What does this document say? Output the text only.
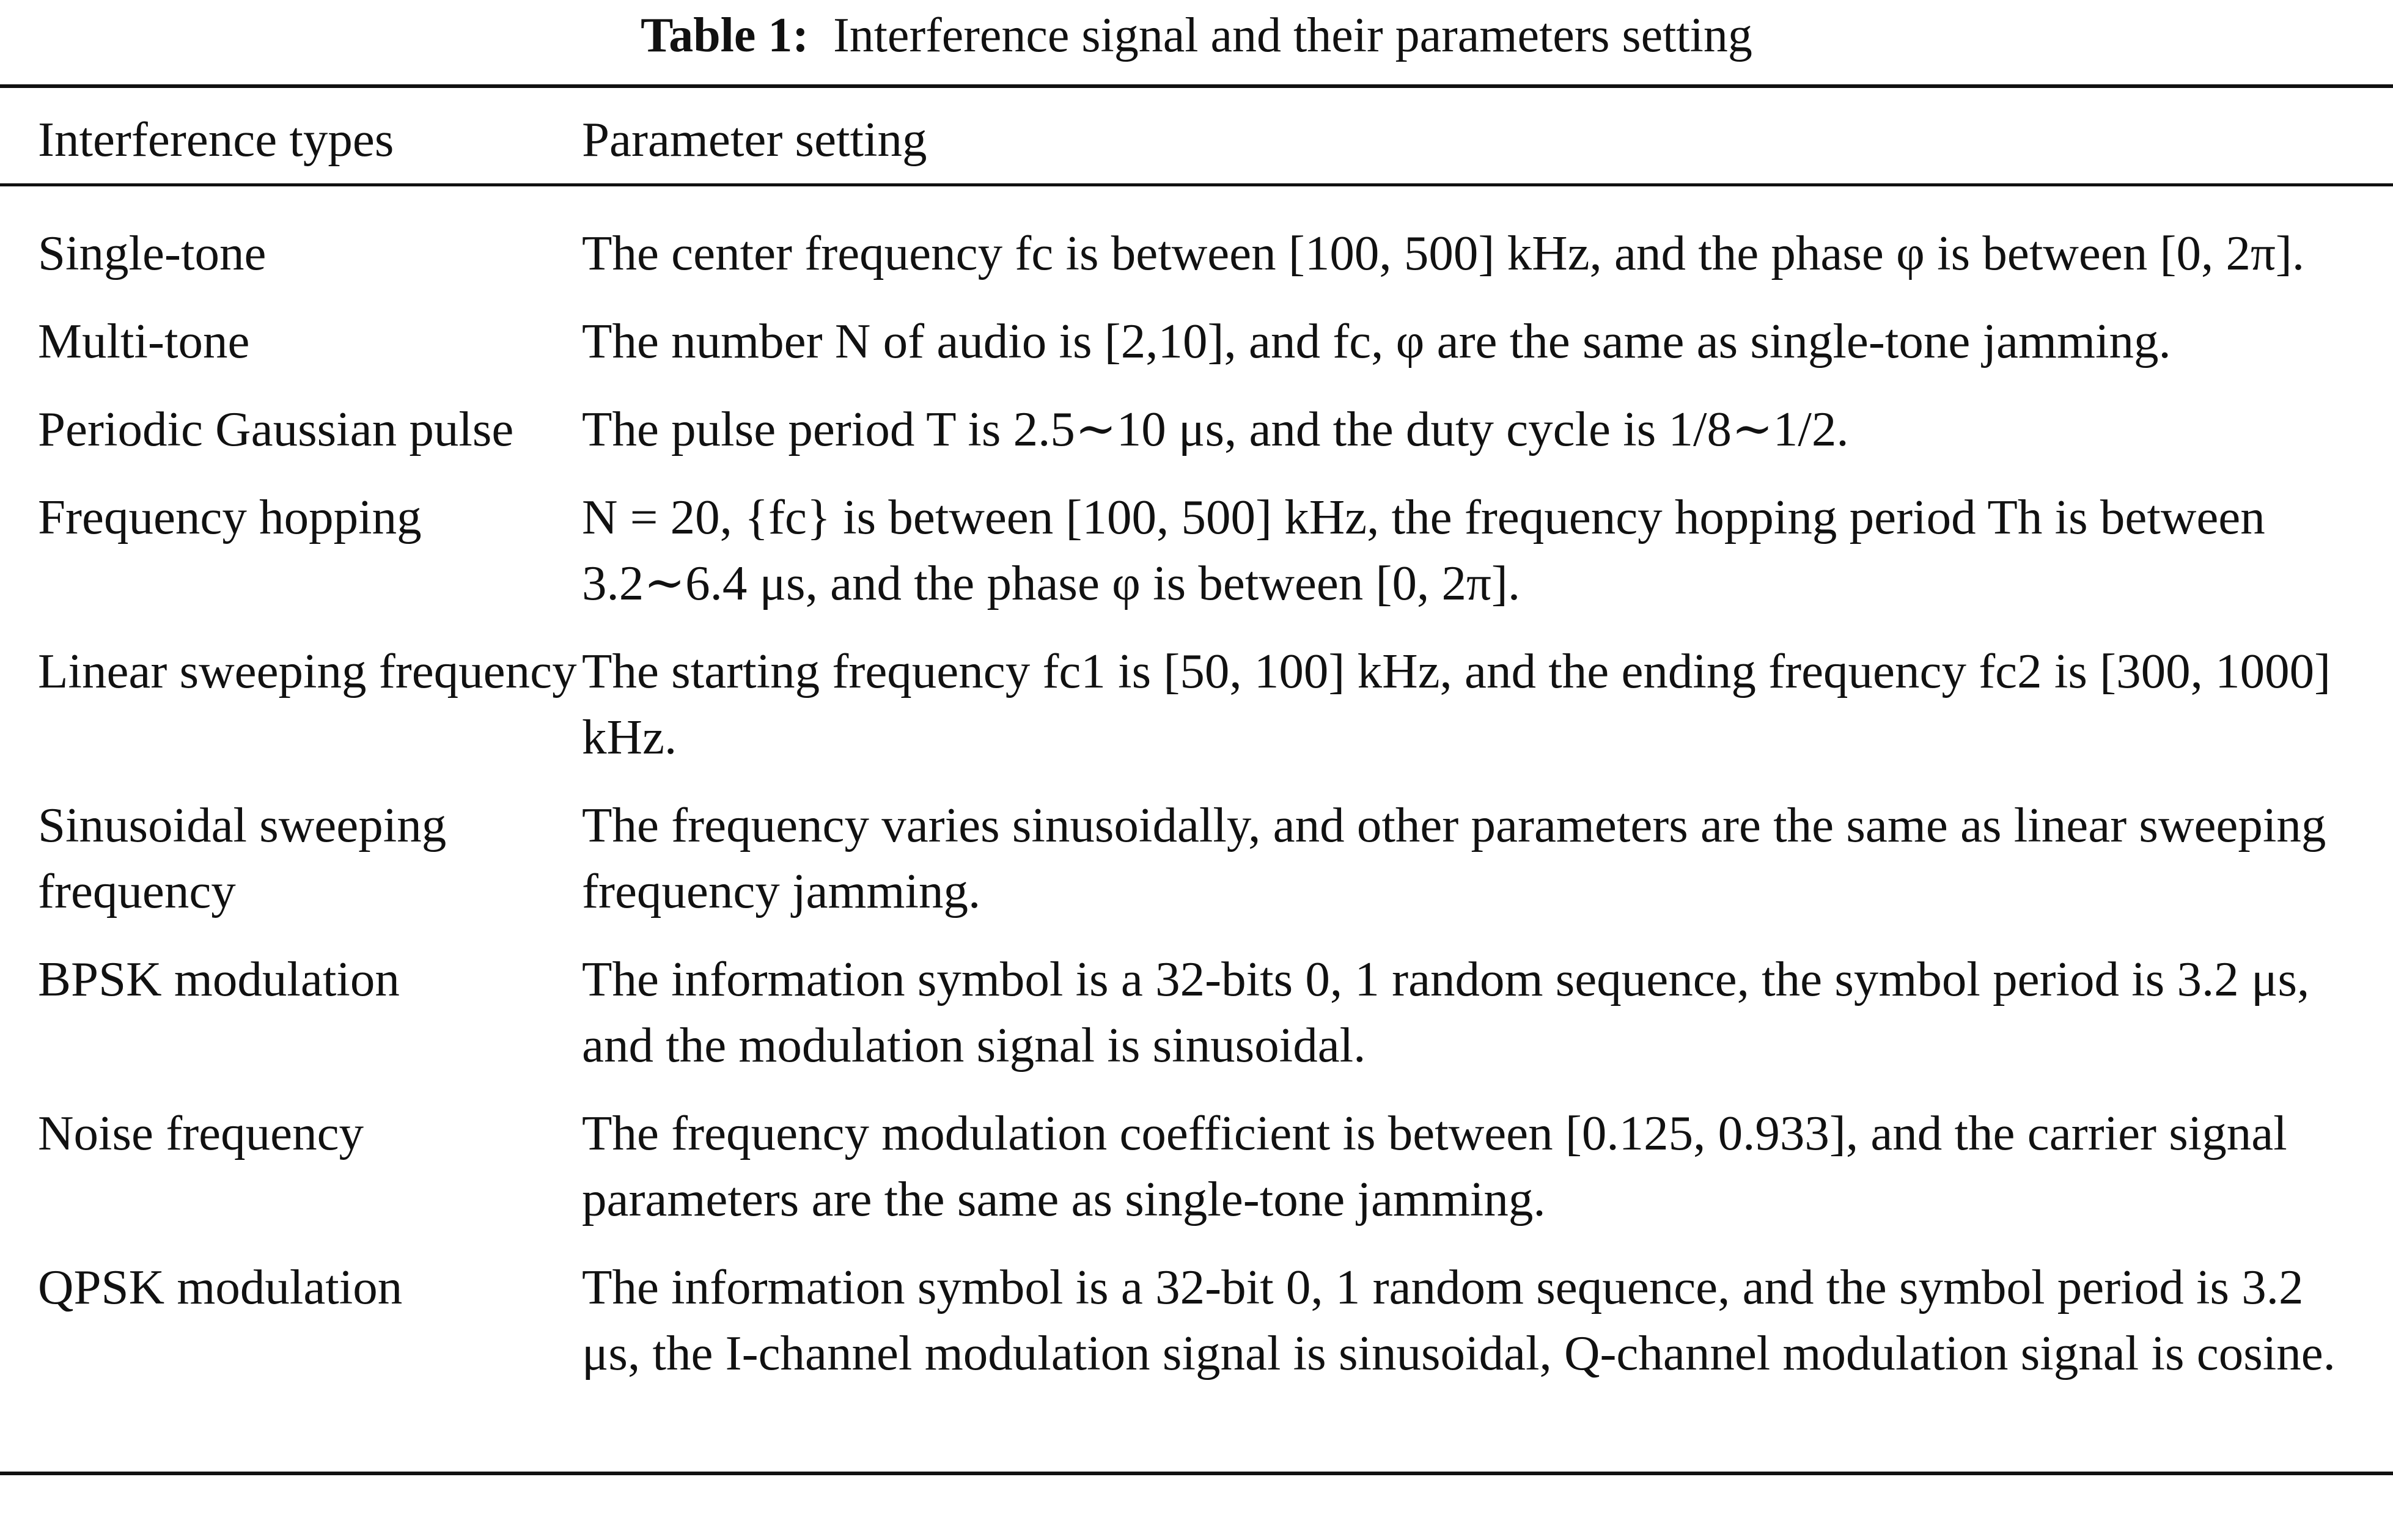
Table 1: Interference signal and their parameters setting
Interference types	Parameter setting
Single-tone	The center frequency fc is between [100, 500] kHz, and the phase φ is between [0, 2π].
Multi-tone	The number N of audio is [2,10], and fc, φ are the same as single-tone jamming.
Periodic Gaussian pulse	The pulse period T is 2.5∼10 μs, and the duty cycle is 1/8∼1/2.
Frequency hopping	N = 20, {fc} is between [100, 500] kHz, the frequency hopping period Th is between 3.2∼6.4 μs, and the phase φ is between [0, 2π].
Linear sweeping frequency	The starting frequency fc1 is [50, 100] kHz, and the ending frequency fc2 is [300, 1000] kHz.
Sinusoidal sweeping frequency	The frequency varies sinusoidally, and other parameters are the same as linear sweeping frequency jamming.
BPSK modulation	The information symbol is a 32-bits 0, 1 random sequence, the symbol period is 3.2 μs, and the modulation signal is sinusoidal.
Noise frequency	The frequency modulation coefficient is between [0.125, 0.933], and the carrier signal parameters are the same as single-tone jamming.
QPSK modulation	The information symbol is a 32-bit 0, 1 random sequence, and the symbol period is 3.2 μs, the I-channel modulation signal is sinusoidal, Q-channel modulation signal is cosine.
